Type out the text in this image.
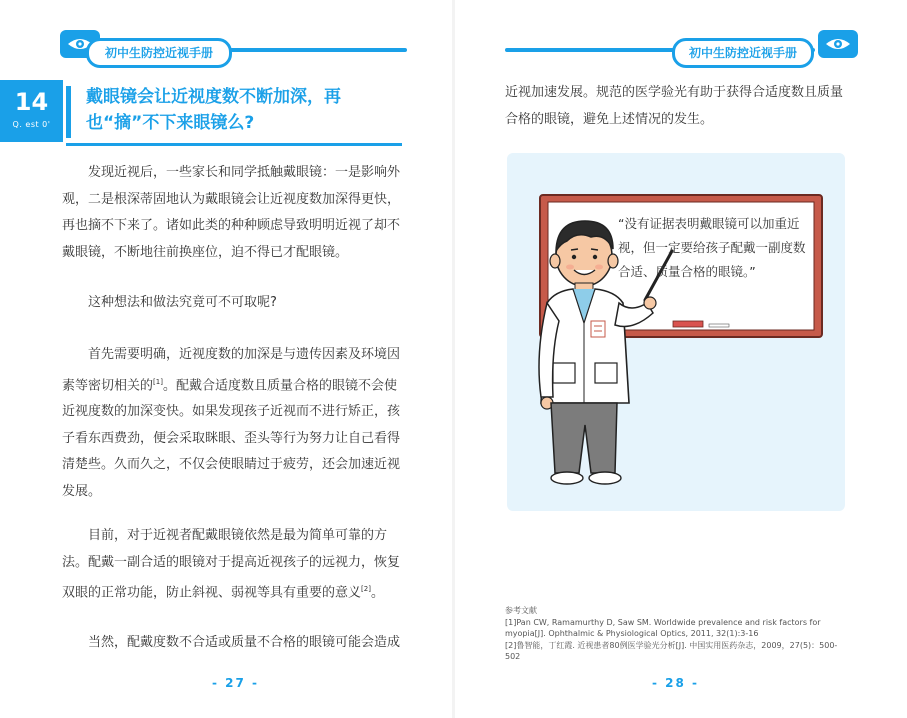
初中生防控近视手册
14
Q. est 0'
戴眼镜会让近视度数不断加深，再也“摘”不下来眼镜么?
发现近视后，一些家长和同学抵触戴眼镜：一是影响外观，二是根深蒂固地认为戴眼镜会让近视度数加深得更快，再也摘不下来了。诸如此类的种种顾虑导致明明近视了却不戴眼镜，不断地往前换座位，迫不得已才配眼镜。
这种想法和做法究竟可不可取呢?
首先需要明确，近视度数的加深是与遗传因素及环境因素等密切相关的[1]。配戴合适度数且质量合格的眼镜不会使近视度数的加深变快。如果发现孩子近视而不进行矫正，孩子看东西费劲，便会采取眯眼、歪头等行为努力让自己看得清楚些。久而久之，不仅会使眼睛过于疲劳，还会加速近视发展。
目前，对于近视者配戴眼镜依然是最为简单可靠的方法。配戴一副合适的眼镜对于提高近视孩子的远视力，恢复双眼的正常功能，防止斜视、弱视等具有重要的意义[2]。
当然，配戴度数不合适或质量不合格的眼镜可能会造成
- 27 -
初中生防控近视手册
近视加速发展。规范的医学验光有助于获得合适度数且质量合格的眼镜，避免上述情况的发生。
“没有证据表明戴眼镜可以加重近视，但一定要给孩子配戴一副度数合适、质量合格的眼镜。”
参考文献
[1]Pan CW, Ramamurthy D, Saw SM. Worldwide prevalence and risk factors for myopia[J]. Ophthalmic & Physiological Optics, 2011, 32(1):3-16
[2]鲁智能，丁红霞. 近视患者80例医学验光分析[J]. 中国实用医药杂志，2009，27(5)：500-502
- 28 -
